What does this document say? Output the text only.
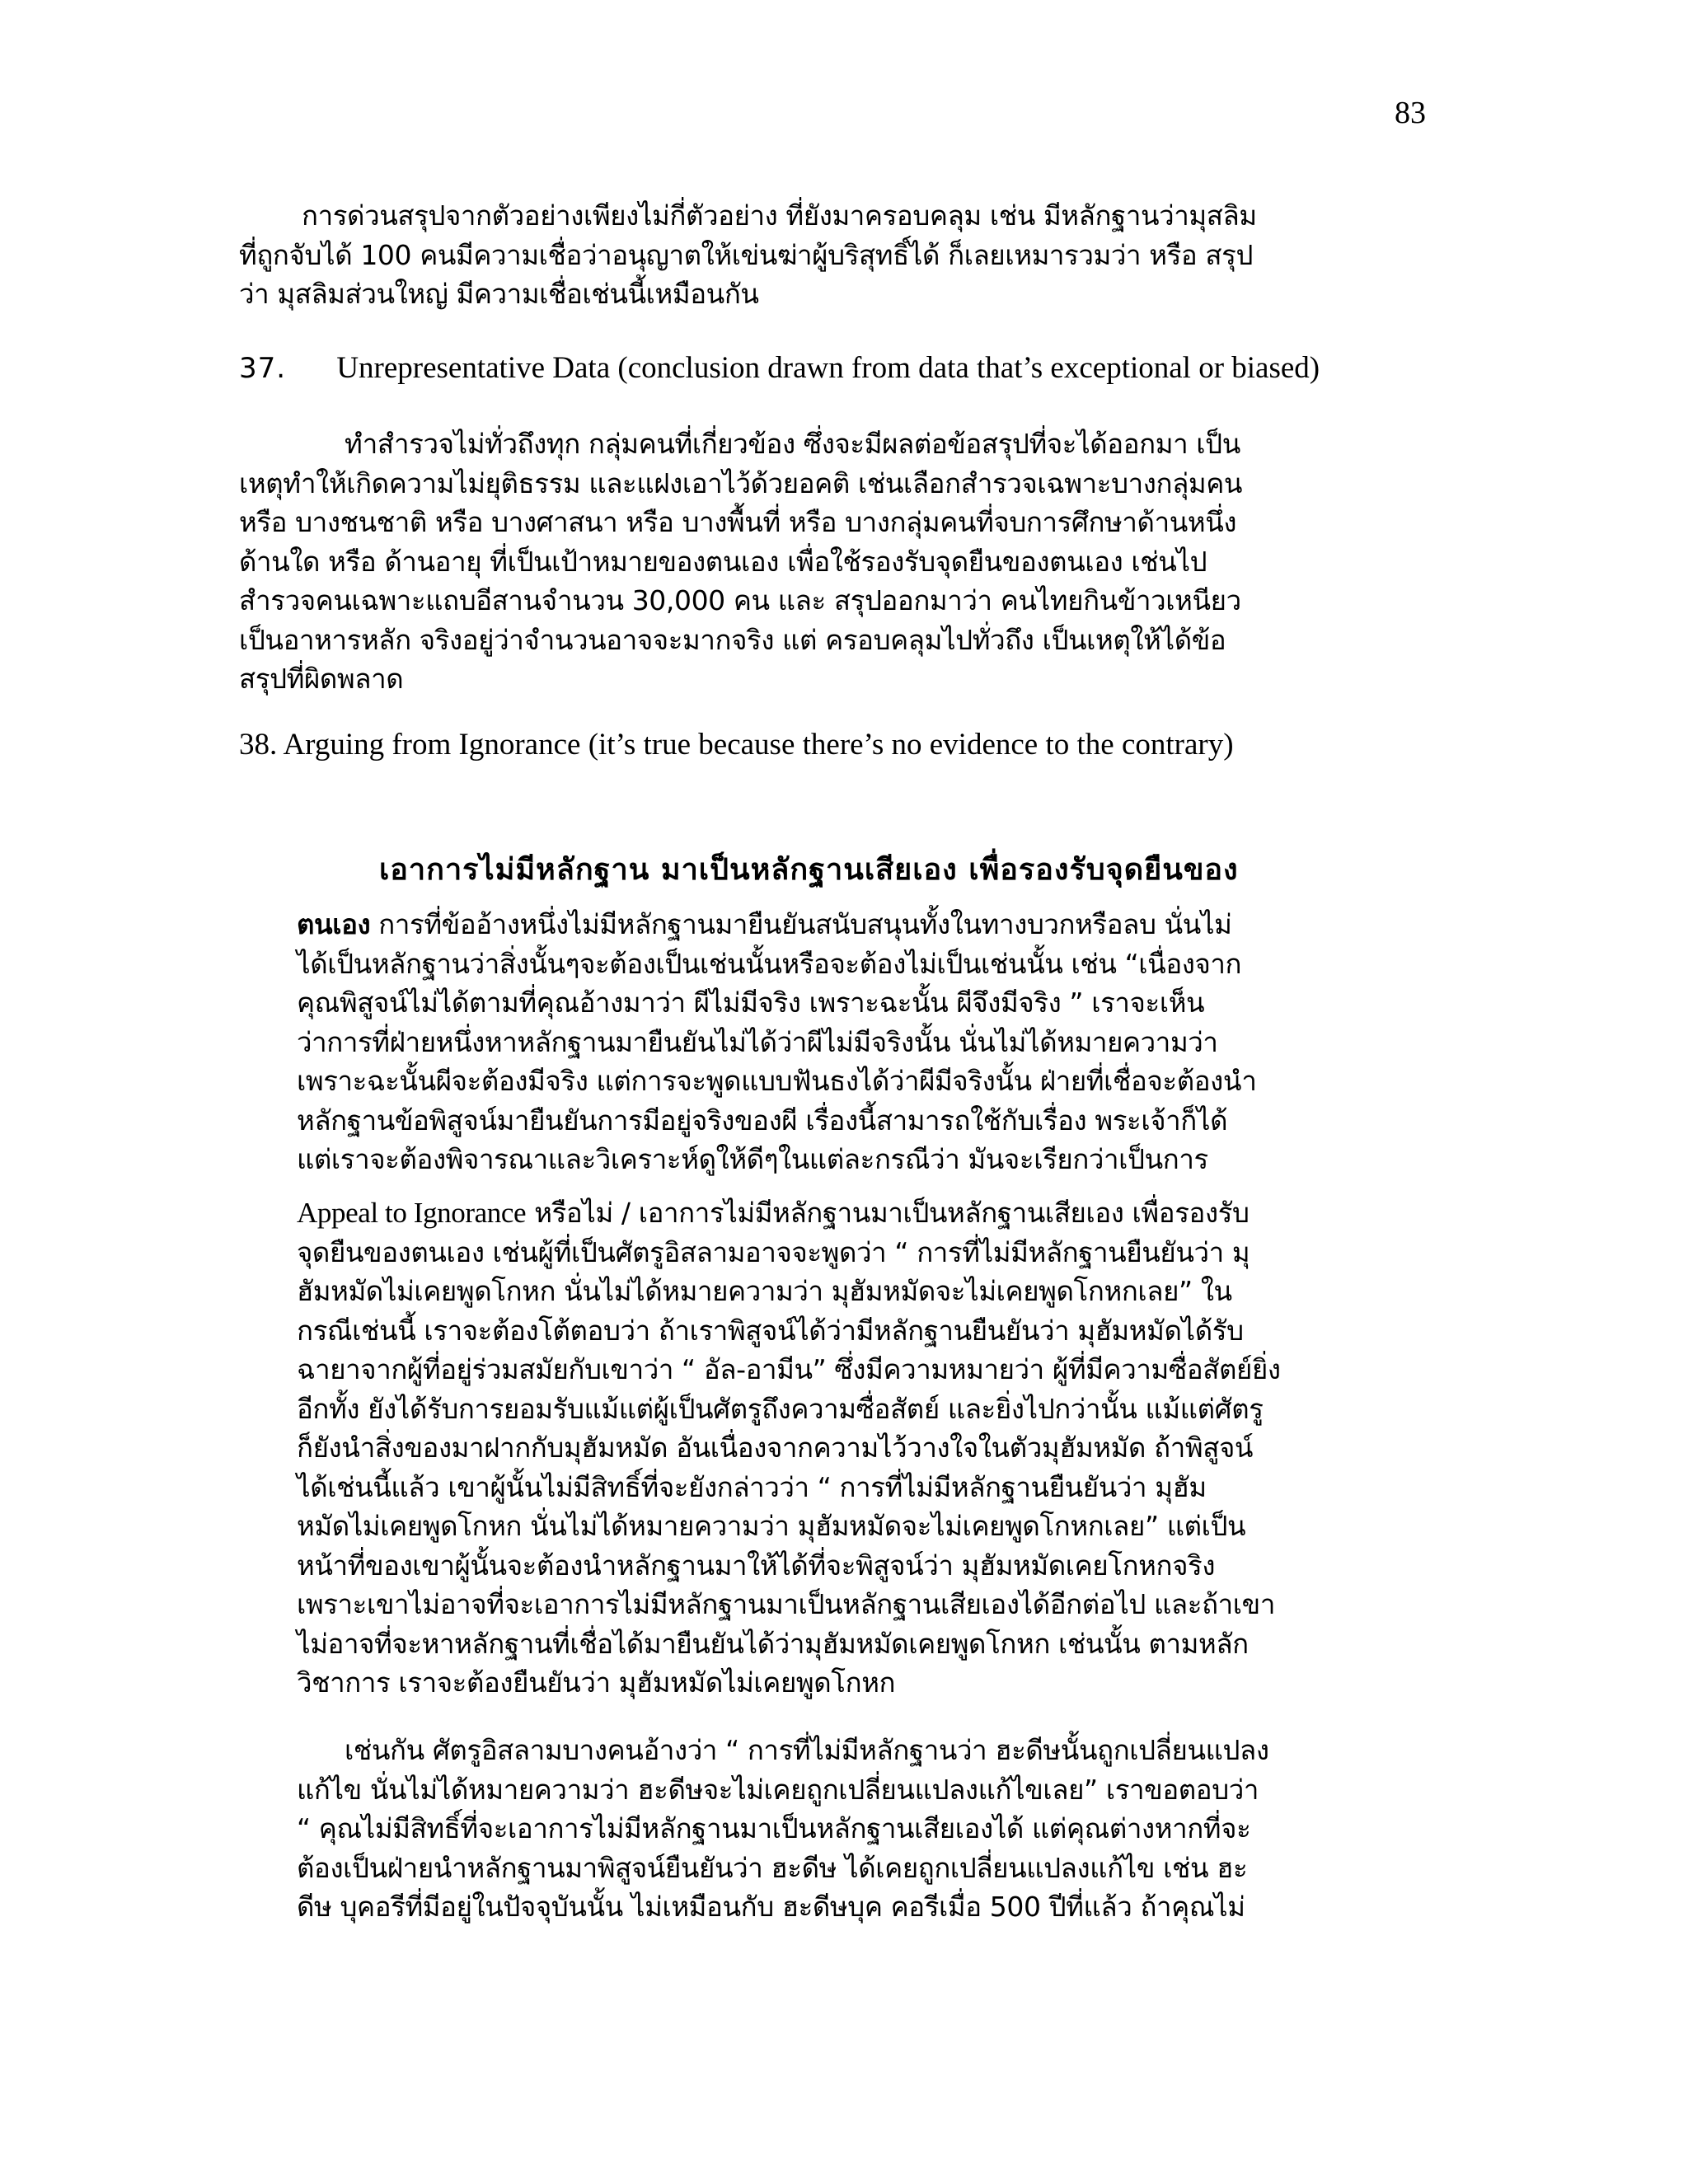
83
การด่วนสรุปจากตัวอย่างเพียงไม่กี่ตัวอย่าง ที่ยังมาครอบคลุม เช่น มีหลักฐานว่ามุสลิม
ที่ถูกจับได้ 100 คนมีความเชื่อว่าอนุญาตให้เข่นฆ่าผู้บริสุทธิ์ได้ ก็เลยเหมารวมว่า หรือ สรุป
ว่า มุสลิมส่วนใหญ่ มีความเชื่อเช่นนี้เหมือนกัน
37. Unrepresentative Data (conclusion drawn from data that’s exceptional or biased)
ทำสำรวจไม่ทั่วถึงทุก กลุ่มคนที่เกี่ยวข้อง ซึ่งจะมีผลต่อข้อสรุปที่จะได้ออกมา เป็น
เหตุทำให้เกิดความไม่ยุติธรรม และแฝงเอาไว้ด้วยอคติ เช่นเลือกสำรวจเฉพาะบางกลุ่มคน
หรือ บางชนชาติ หรือ บางศาสนา หรือ บางพื้นที่ หรือ บางกลุ่มคนที่จบการศึกษาด้านหนึ่ง
ด้านใด หรือ ด้านอายุ ที่เป็นเป้าหมายของตนเอง เพื่อใช้รองรับจุดยืนของตนเอง เช่นไป
สำรวจคนเฉพาะแถบอีสานจำนวน 30,000 คน และ สรุปออกมาว่า คนไทยกินข้าวเหนียว
เป็นอาหารหลัก จริงอยู่ว่าจำนวนอาจจะมากจริง แต่ ครอบคลุมไปทั่วถึง เป็นเหตุให้ได้ข้อ
สรุปที่ผิดพลาด
38. Arguing from Ignorance (it’s true because there’s no evidence to the contrary)
เอาการไม่มีหลักฐาน มาเป็นหลักฐานเสียเอง เพื่อรองรับจุดยืนของ
ตนเอง การที่ข้ออ้างหนึ่งไม่มีหลักฐานมายืนยันสนับสนุนทั้งในทางบวกหรือลบ นั่นไม่
ได้เป็นหลักฐานว่าสิ่งนั้นๆจะต้องเป็นเช่นนั้นหรือจะต้องไม่เป็นเช่นนั้น เช่น “เนื่องจาก
คุณพิสูจน์ไม่ได้ตามที่คุณอ้างมาว่า ผีไม่มีจริง เพราะฉะนั้น ผีจึงมีจริง ” เราจะเห็น
ว่าการที่ฝ่ายหนึ่งหาหลักฐานมายืนยันไม่ได้ว่าผีไม่มีจริงนั้น นั่นไม่ได้หมายความว่า
เพราะฉะนั้นผีจะต้องมีจริง แต่การจะพูดแบบฟันธงได้ว่าผีมีจริงนั้น ฝ่ายที่เชื่อจะต้องนำ
หลักฐานข้อพิสูจน์มายืนยันการมีอยู่จริงของผี เรื่องนี้สามารถใช้กับเรื่อง พระเจ้าก็ได้
แต่เราจะต้องพิจารณาและวิเคราะห์ดูให้ดีๆในแต่ละกรณีว่า มันจะเรียกว่าเป็นการ
Appeal to Ignorance หรือไม่ / เอาการไม่มีหลักฐานมาเป็นหลักฐานเสียเอง เพื่อรองรับ
จุดยืนของตนเอง เช่นผู้ที่เป็นศัตรูอิสลามอาจจะพูดว่า “ การที่ไม่มีหลักฐานยืนยันว่า มุ
ฮัมหมัดไม่เคยพูดโกหก นั่นไม่ได้หมายความว่า มุฮัมหมัดจะไม่เคยพูดโกหกเลย” ใน
กรณีเช่นนี้ เราจะต้องโต้ตอบว่า ถ้าเราพิสูจน์ได้ว่ามีหลักฐานยืนยันว่า มุฮัมหมัดได้รับ
ฉายาจากผู้ที่อยู่ร่วมสมัยกับเขาว่า “ อัล-อามีน” ซึ่งมีความหมายว่า ผู้ที่มีความซื่อสัตย์ยิ่ง
อีกทั้ง ยังได้รับการยอมรับแม้แต่ผู้เป็นศัตรูถึงความซื่อสัตย์ และยิ่งไปกว่านั้น แม้แต่ศัตรู
ก็ยังนำสิ่งของมาฝากกับมุฮัมหมัด อันเนื่องจากความไว้วางใจในตัวมุฮัมหมัด ถ้าพิสูจน์
ได้เช่นนี้แล้ว เขาผู้นั้นไม่มีสิทธิ์ที่จะยังกล่าวว่า “ การที่ไม่มีหลักฐานยืนยันว่า มุฮัม
หมัดไม่เคยพูดโกหก นั่นไม่ได้หมายความว่า มุฮัมหมัดจะไม่เคยพูดโกหกเลย” แต่เป็น
หน้าที่ของเขาผู้นั้นจะต้องนำหลักฐานมาให้ได้ที่จะพิสูจน์ว่า มุฮัมหมัดเคยโกหกจริง
เพราะเขาไม่อาจที่จะเอาการไม่มีหลักฐานมาเป็นหลักฐานเสียเองได้อีกต่อไป และถ้าเขา
ไม่อาจที่จะหาหลักฐานที่เชื่อได้มายืนยันได้ว่ามุฮัมหมัดเคยพูดโกหก เช่นนั้น ตามหลัก
วิชาการ เราจะต้องยืนยันว่า มุฮัมหมัดไม่เคยพูดโกหก
เช่นกัน ศัตรูอิสลามบางคนอ้างว่า “ การที่ไม่มีหลักฐานว่า ฮะดีษนั้นถูกเปลี่ยนแปลง
แก้ไข นั่นไม่ได้หมายความว่า ฮะดีษจะไม่เคยถูกเปลี่ยนแปลงแก้ไขเลย” เราขอตอบว่า
“ คุณไม่มีสิทธิ์ที่จะเอาการไม่มีหลักฐานมาเป็นหลักฐานเสียเองได้ แต่คุณต่างหากที่จะ
ต้องเป็นฝ่ายนำหลักฐานมาพิสูจน์ยืนยันว่า ฮะดีษ ได้เคยถูกเปลี่ยนแปลงแก้ไข เช่น ฮะ
ดีษ บุคอรีที่มีอยู่ในปัจจุบันนั้น ไม่เหมือนกับ ฮะดีษบุค คอรีเมื่อ 500 ปีที่แล้ว ถ้าคุณไม่
